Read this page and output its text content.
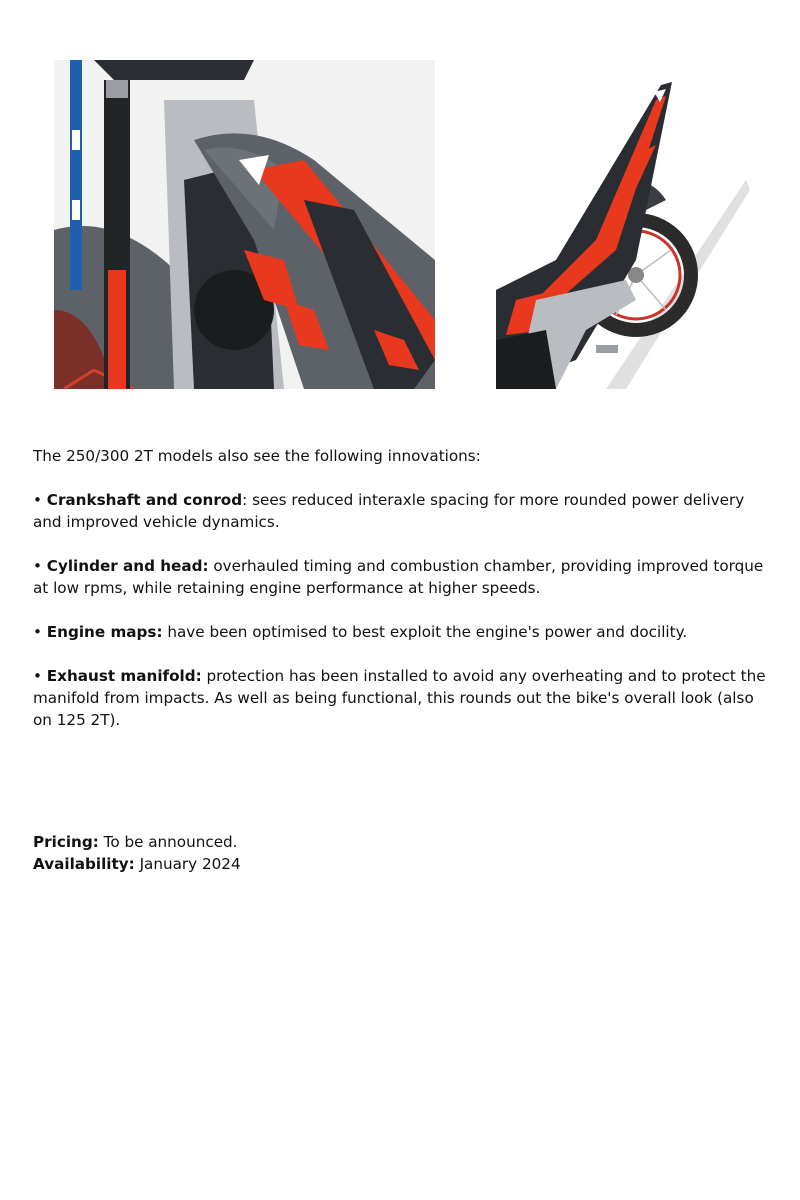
The 250/300 2T models also see the following innovations:

• Crankshaft and conrod: sees reduced interaxle spacing for more rounded power delivery and improved vehicle dynamics.

• Cylinder and head: overhauled timing and combustion chamber, providing improved torque at low rpms, while retaining engine performance at higher speeds.

• Engine maps: have been optimised to best exploit the engine's power and docility.

• Exhaust manifold: protection has been installed to avoid any overheating and to protect the manifold from impacts. As well as being functional, this rounds out the bike's overall look (also on 125 2T).

Pricing: To be announced.
Availability: January 2024
